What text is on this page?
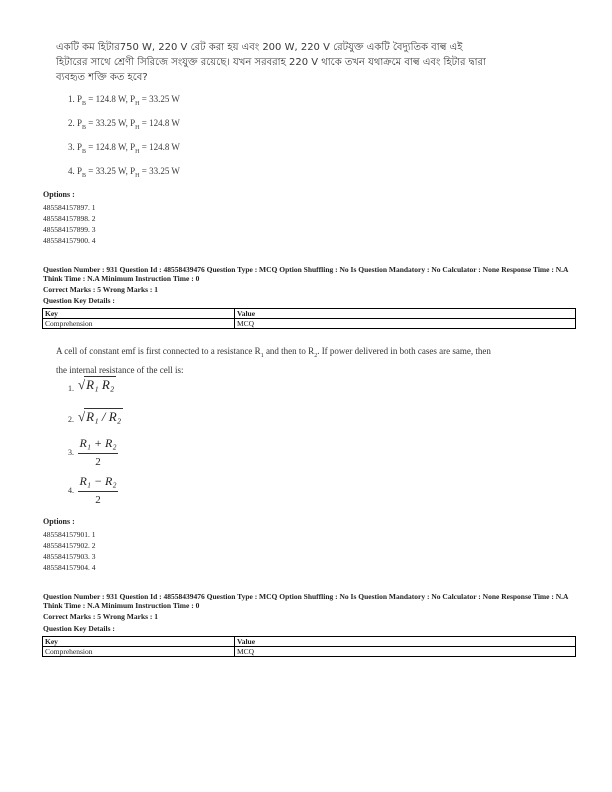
একটি কম হিটার750 W, 220 V রেট করা হয় এবং 200 W, 220 V রেটযুক্ত একটি বৈদ্যুতিক বাল্ব এই হিটারের সাথে শ্রেণী সিরিজে সংযুক্ত রয়েছে। যখন সরবরাহ 220 V থাকে তখন যথাক্রমে বাল্ব এবং হিটার দ্বারা ব্যবহৃত শক্তি কত হবে?
1. $P_B = 124.8$ W, $P_H = 33.25$ W
2. $P_B = 33.25$ W, $P_H = 124.8$ W
3. $P_B = 124.8$ W, $P_H = 124.8$ W
4. $P_B = 33.25$ W, $P_H = 33.25$ W
Options :
485584157897. 1
485584157898. 2
485584157899. 3
485584157900. 4
Question Number : 931 Question Id : 48558439476 Question Type : MCQ Option Shuffling : No Is Question Mandatory : No Calculator : None Response Time : N.A Think Time : N.A Minimum Instruction Time : 0
Correct Marks : 5 Wrong Marks : 1
Question Key Details :
Key	Value
Comprehension	MCQ
A cell of constant emf is first connected to a resistance $R_1$ and then to $R_2$. If power delivered in both cases are same, then the internal resistance of the cell is:
1. √R₁ R₂
2. √R₁ / R₂
3.
R₁ + R₂
2
4.
R₁ − R₂
2
Options :
485584157901. 1
485584157902. 2
485584157903. 3
485584157904. 4
Question Number : 931 Question Id : 48558439476 Question Type : MCQ Option Shuffling : No Is Question Mandatory : No Calculator : None Response Time : N.A Think Time : N.A Minimum Instruction Time : 0
Correct Marks : 5 Wrong Marks : 1
Question Key Details :
Key	Value
Comprehension	MCQ
